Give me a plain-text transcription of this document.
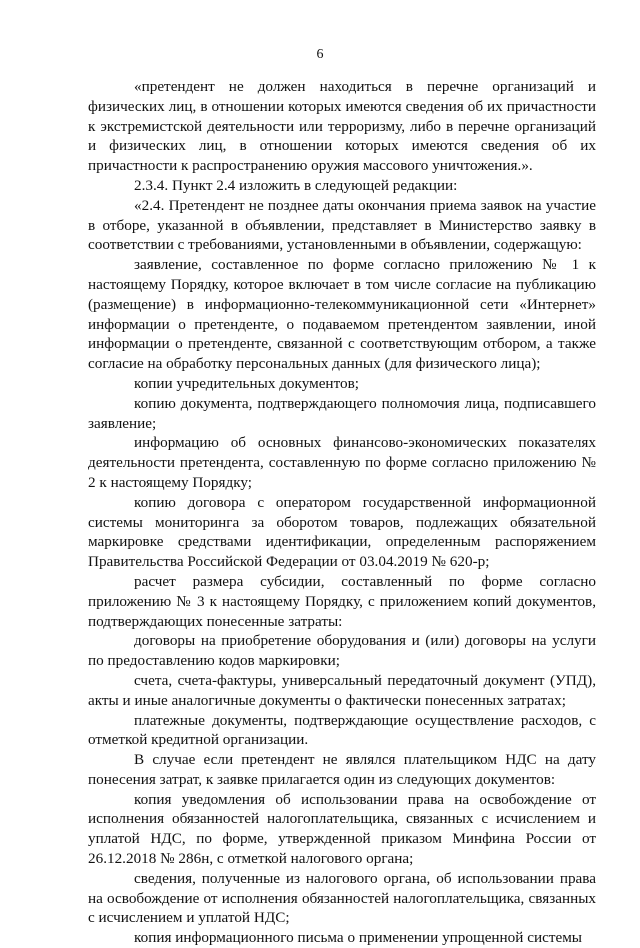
6

«претендент не должен находиться в перечне организаций и физических лиц, в отношении которых имеются сведения об их причастности к экстремистской деятельности или терроризму, либо в перечне организаций и физических лиц, в отношении которых имеются сведения об их причастности к распространению оружия массового уничтожения.».

2.3.4. Пункт 2.4 изложить в следующей редакции:

«2.4. Претендент не позднее даты окончания приема заявок на участие в отборе, указанной в объявлении, представляет в Министерство заявку в соответствии с требованиями, установленными в объявлении, содержащую:

заявление, составленное по форме согласно приложению № 1 к настоящему Порядку, которое включает в том числе согласие на публикацию (размещение) в информационно-телекоммуникационной сети «Интернет» информации о претенденте, о подаваемом претендентом заявлении, иной информации о претенденте, связанной с соответствующим отбором, а также согласие на обработку персональных данных (для физического лица);

копии учредительных документов;

копию документа, подтверждающего полномочия лица, подписавшего заявление;

информацию об основных финансово-экономических показателях деятельности претендента, составленную по форме согласно приложению № 2 к настоящему Порядку;

копию договора с оператором государственной информационной системы мониторинга за оборотом товаров, подлежащих обязательной маркировке средствами идентификации, определенным распоряжением Правительства Российской Федерации от 03.04.2019 № 620-р;

расчет размера субсидии, составленный по форме согласно приложению № 3 к настоящему Порядку, с приложением копий документов, подтверждающих понесенные затраты:

договоры на приобретение оборудования и (или) договоры на услуги по предоставлению кодов маркировки;

счета, счета-фактуры, универсальный передаточный документ (УПД), акты и иные аналогичные документы о фактически понесенных затратах;

платежные документы, подтверждающие осуществление расходов, с отметкой кредитной организации.

В случае если претендент не являлся плательщиком НДС на дату понесения затрат, к заявке прилагается один из следующих документов:

копия уведомления об использовании права на освобождение от исполнения обязанностей налогоплательщика, связанных с исчислением и уплатой НДС, по форме, утвержденной приказом Минфина России от 26.12.2018 № 286н, с отметкой налогового органа;

сведения, полученные из налогового органа, об использовании права на освобождение от исполнения обязанностей налогоплательщика, связанных с исчислением и уплатой НДС;

копия информационного письма о применении упрощенной системы
